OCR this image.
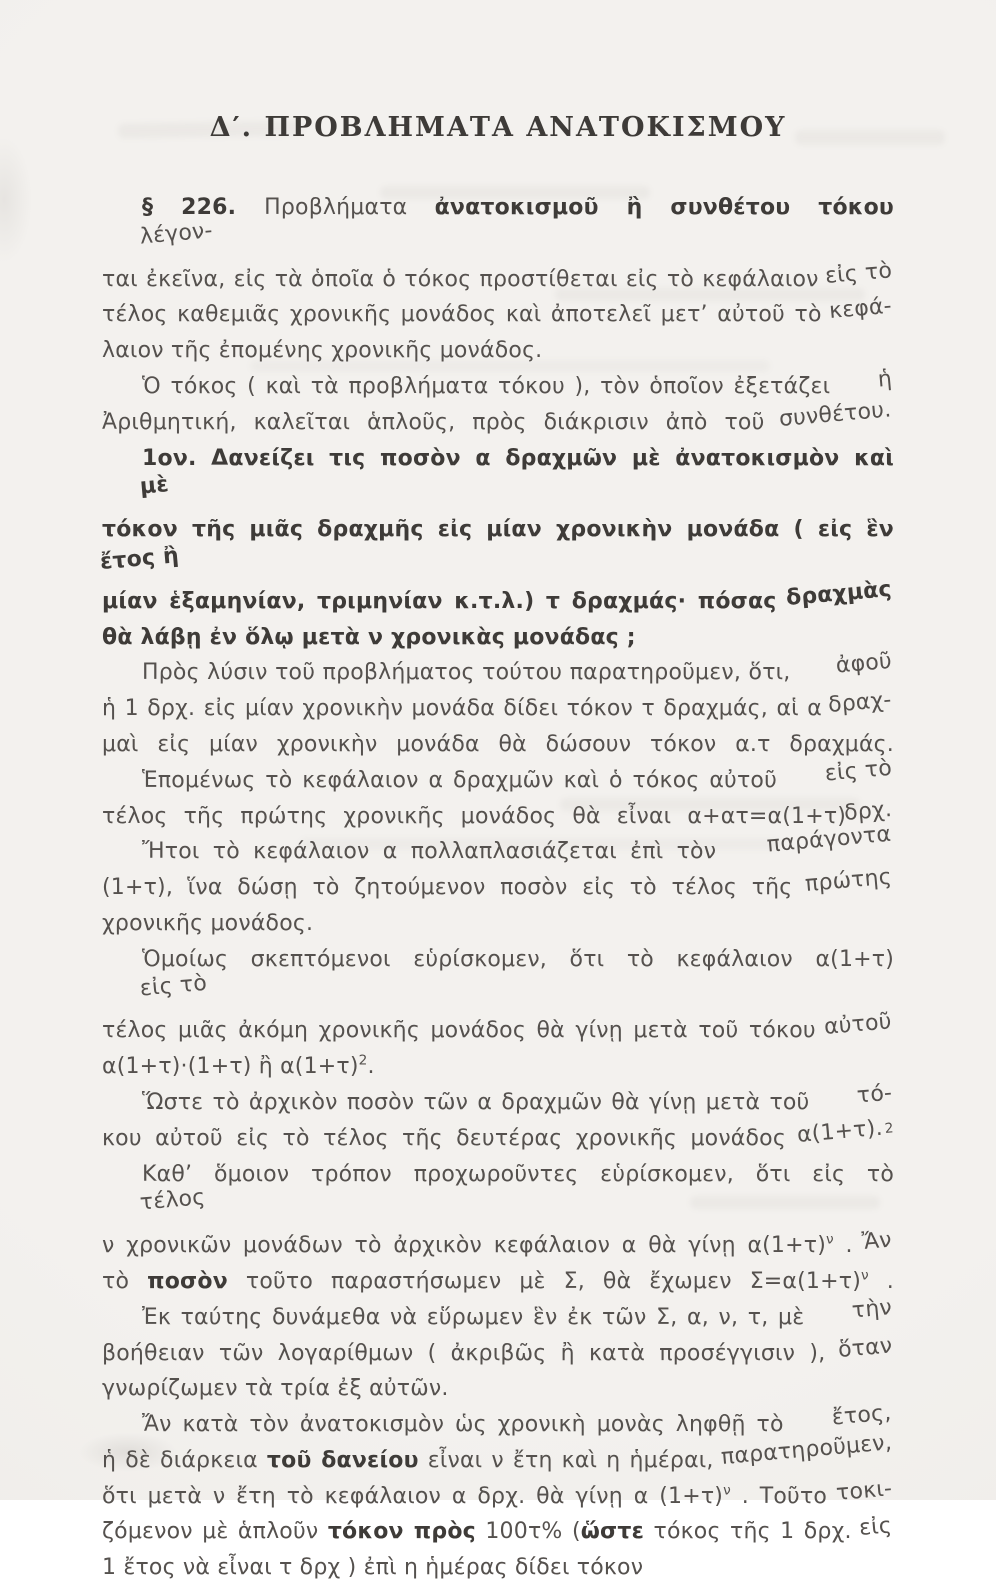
Δ′. ΠΡΟΒΛΗΜΑΤΑ ΑΝΑΤΟΚΙΣΜΟΥ
§ 226. Προβλήματα ἀνατοκισμοῦ ἢ συνθέτου τόκου λέγον-
ται ἐκεῖνα, εἰς τὰ ὁποῖα ὁ τόκος προστίθεται εἰς τὸ κεφάλαιον εἰς τὸ
τέλος καθεμιᾶς χρονικῆς μονάδος καὶ ἀποτελεῖ μετ’ αὐτοῦ τὸ κεφά-
λαιον τῆς ἐπομένης χρονικῆς μονάδος.
Ὁ τόκος ( καὶ τὰ προβλήματα τόκου ), τὸν ὁποῖον ἐξετάζει ἡ
Ἀριθμητική, καλεῖται ἁπλοῦς, πρὸς διάκρισιν ἀπὸ τοῦ συνθέτου.
1ον. Δανείζει τις ποσὸν α δραχμῶν μὲ ἀνατοκισμὸν καὶ μὲ
τόκον τῆς μιᾶς δραχμῆς εἰς μίαν χρονικὴν μονάδα ( εἰς ἓν ἔτος ἢ
μίαν ἑξαμηνίαν, τριμηνίαν κ.τ.λ.) τ δραχμάς· πόσας δραχμὰς
θὰ λάβῃ ἐν ὅλῳ μετὰ ν χρονικὰς μονάδας ;
Πρὸς λύσιν τοῦ προβλήματος τούτου παρατηροῦμεν, ὅτι, ἀφοῦ
ἡ 1 δρχ. εἰς μίαν χρονικὴν μονάδα δίδει τόκον τ δραχμάς, αἱ α δραχ-
μαὶ εἰς μίαν χρονικὴν μονάδα θὰ δώσουν τόκον α.τ δραχμάς.
Ἑπομένως τὸ κεφάλαιον α δραχμῶν καὶ ὁ τόκος αὐτοῦ εἰς τὸ
τέλος τῆς πρώτης χρονικῆς μονάδος θὰ εἶναι α+ατ=α(1+τ)δρχ.
Ἤτοι τὸ κεφάλαιον α πολλαπλασιάζεται ἐπὶ τὸν παράγοντα
(1+τ), ἵνα δώσῃ τὸ ζητούμενον ποσὸν εἰς τὸ τέλος τῆς πρώτης
χρονικῆς μονάδος.
Ὁμοίως σκεπτόμενοι εὑρίσκομεν, ὅτι τὸ κεφάλαιον α(1+τ) εἰς τὸ
τέλος μιᾶς ἀκόμη χρονικῆς μονάδος θὰ γίνῃ μετὰ τοῦ τόκου αὐτοῦ
α(1+τ)·(1+τ) ἢ $\alpha(1+\tau)^2$.
Ὥστε τὸ ἀρχικὸν ποσὸν τῶν α δραχμῶν θὰ γίνῃ μετὰ τοῦ τό-
κου αὐτοῦ εἰς τὸ τέλος τῆς δευτέρας χρονικῆς μονάδος α(1+τ).$^2$
Καθ’ ὅμοιον τρόπον προχωροῦντες εὑρίσκομεν, ὅτι εἰς τὸ τέλος
ν χρονικῶν μονάδων τὸ ἀρχικὸν κεφάλαιον α θὰ γίνῃ $\alpha(1+\tau)^\nu$ . Ἄν
τὸ ποσὸν τοῦτο παραστήσωμεν μὲ Σ, θὰ ἔχωμεν $\Sigma=\alpha(1+\tau)^\nu$ .
Ἐκ ταύτης δυνάμεθα νὰ εὕρωμεν ἓν ἐκ τῶν Σ, α, ν, τ, μὲ τὴν
βοήθειαν τῶν λογαρίθμων ( ἀκριβῶς ἢ κατὰ προσέγγισιν ), ὅταν
γνωρίζωμεν τὰ τρία ἐξ αὐτῶν.
Ἄν κατὰ τὸν ἀνατοκισμὸν ὡς χρονικὴ μονὰς ληφθῇ τὸ ἔτος,
ἡ δὲ διάρκεια τοῦ δανείου εἶναι ν ἔτη καὶ η ἡμέραι, παρατηροῦμεν,
ὅτι μετὰ ν ἔτη τὸ κεφάλαιον α δρχ. θὰ γίνῃ α $(1+\tau)^\nu$ . Τοῦτο τοκι-
ζόμενον μὲ ἁπλοῦν τόκον πρὸς 100τ% (ὥστε τόκος τῆς 1 δρχ. εἰς
1 ἔτος νὰ εἶναι τ δρχ ) ἐπὶ η ἡμέρας δίδει τόκον
